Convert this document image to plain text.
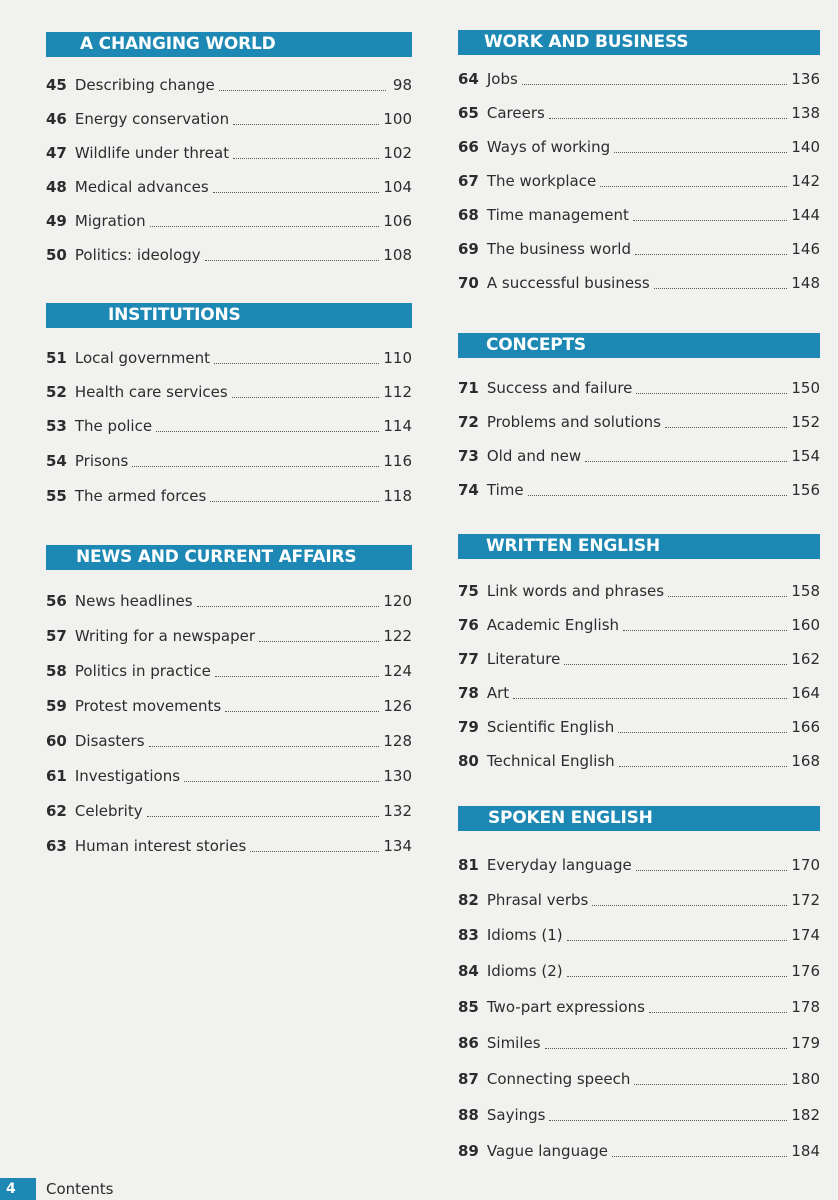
A CHANGING WORLD
45 Describing change	98
46 Energy conservation	100
47 Wildlife under threat	102
48 Medical advances	104
49 Migration	106
50 Politics: ideology	108
INSTITUTIONS
51 Local government	110
52 Health care services	112
53 The police	114
54 Prisons	116
55 The armed forces	118
NEWS AND CURRENT AFFAIRS
56 News headlines	120
57 Writing for a newspaper	122
58 Politics in practice	124
59 Protest movements	126
60 Disasters	128
61 Investigations	130
62 Celebrity	132
63 Human interest stories	134
WORK AND BUSINESS
64 Jobs	136
65 Careers	138
66 Ways of working	140
67 The workplace	142
68 Time management	144
69 The business world	146
70 A successful business	148
CONCEPTS
71 Success and failure	150
72 Problems and solutions	152
73 Old and new	154
74 Time	156
WRITTEN ENGLISH
75 Link words and phrases	158
76 Academic English	160
77 Literature	162
78 Art	164
79 Scientific English	166
80 Technical English	168
SPOKEN ENGLISH
81 Everyday language	170
82 Phrasal verbs	172
83 Idioms (1)	174
84 Idioms (2)	176
85 Two-part expressions	178
86 Similes	179
87 Connecting speech	180
88 Sayings	182
89 Vague language	184
4	Contents
